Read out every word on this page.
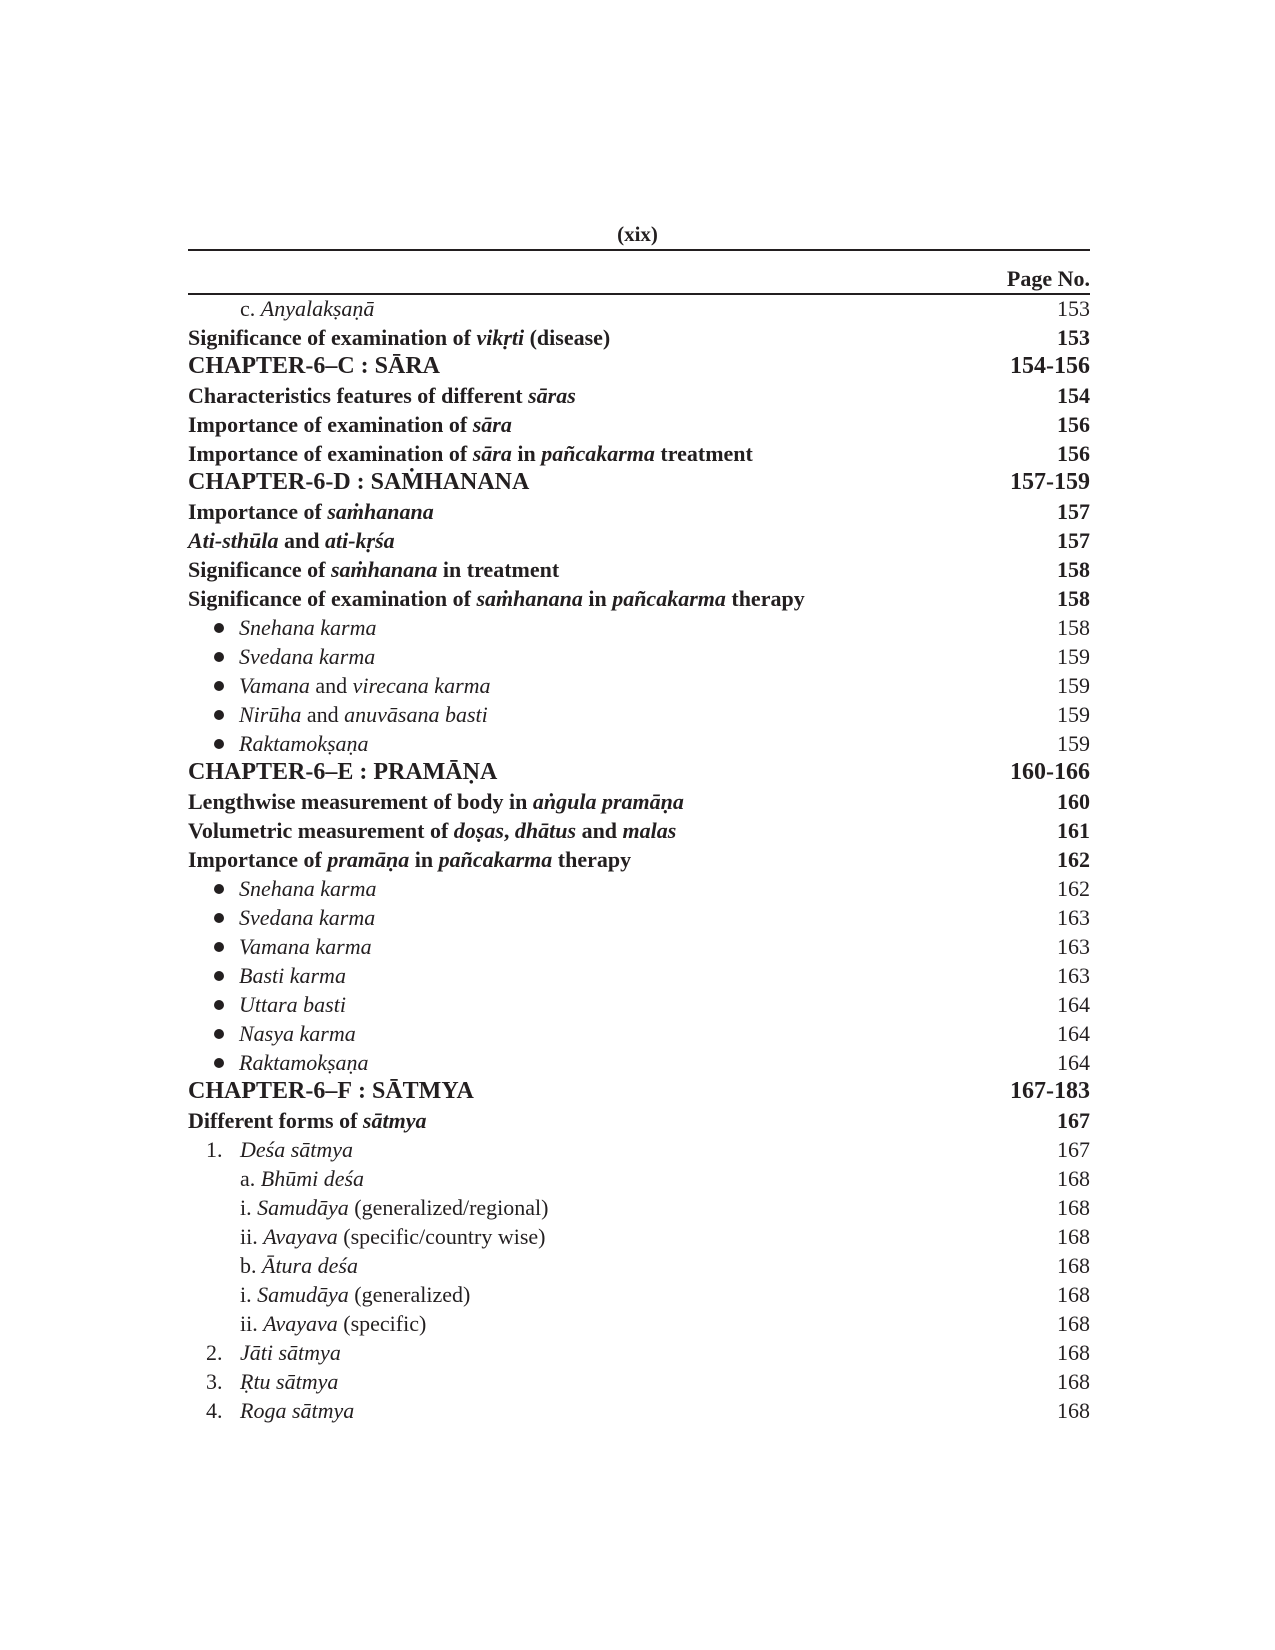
(xix)
Page No.
c. Anyalakṣaṇā	153
Significance of examination of vikṛti (disease)	153
CHAPTER-6–C : SĀRA	154-156
Characteristics features of different sāras	154
Importance of examination of sāra	156
Importance of examination of sāra in pañcakarma treatment	156
CHAPTER-6-D : SAṀHANANA	157-159
Importance of saṁhanana	157
Ati-sthūla and ati-kṛśa	157
Significance of saṁhanana in treatment	158
Significance of examination of saṁhanana in pañcakarma therapy	158
Snehana karma	158
Svedana karma	159
Vamana and virecana karma	159
Nirūha and anuvāsana basti	159
Raktamokṣaṇa	159
CHAPTER-6–E : PRAMĀṆA	160-166
Lengthwise measurement of body in aṅgula pramāṇa	160
Volumetric measurement of doṣas , dhātus and malas	161
Importance of pramāṇa in pañcakarma therapy	162
Snehana karma	162
Svedana karma	163
Vamana karma	163
Basti karma	163
Uttara basti	164
Nasya karma	164
Raktamokṣaṇa	164
CHAPTER-6–F : SĀTMYA	167-183
Different forms of sātmya	167
1. Deśa sātmya	167
a. Bhūmi deśa	168
i. Samudāya (generalized/regional)	168
ii. Avayava (specific/country wise)	168
b. Ātura deśa	168
i. Samudāya (generalized)	168
ii. Avayava (specific)	168
2. Jāti sātmya	168
3. Ṛtu sātmya	168
4. Roga sātmya	168
